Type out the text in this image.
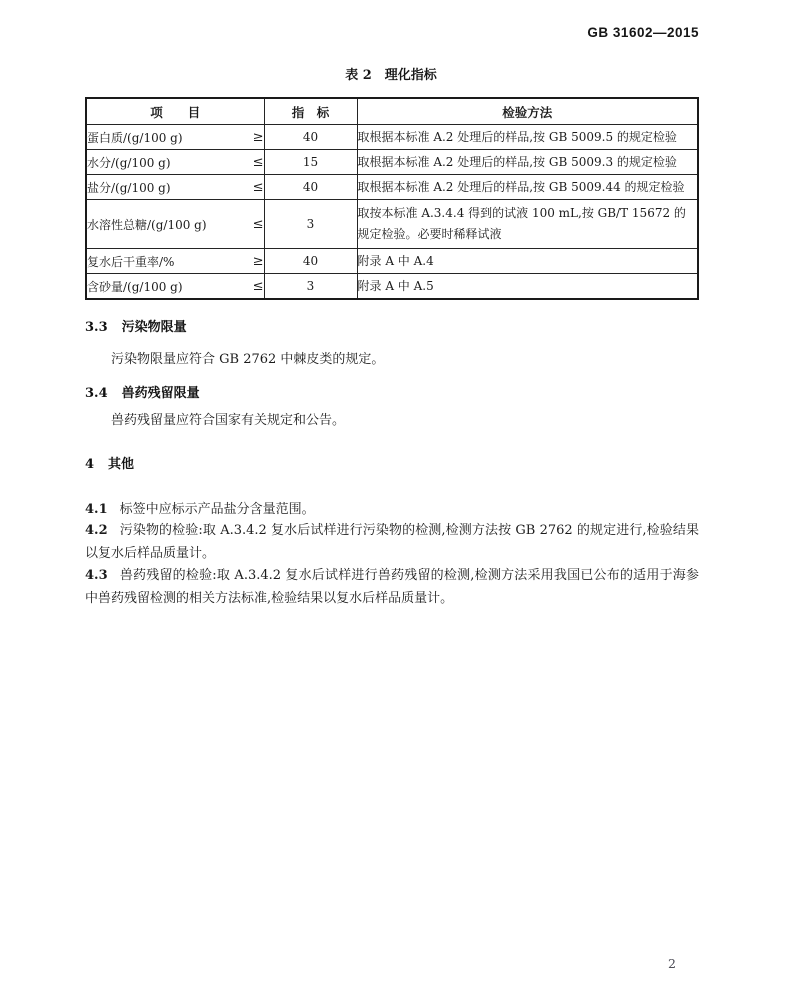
GB 31602—2015
表 2　理化指标
项　　目	指　标	检验方法

蛋白质/(g/100 g) ≥	40	取根据本标准 A.2 处理后的样品,按 GB 5009.5 的规定检验

水分/(g/100 g) ≤	15	取根据本标准 A.2 处理后的样品,按 GB 5009.3 的规定检验

盐分/(g/100 g) ≤	40	取根据本标准 A.2 处理后的样品,按 GB 5009.44 的规定检验

水溶性总糖/(g/100 g) ≤	3	取按本标准 A.3.4.4 得到的试液 100 mL,按 GB/T 15672 的规定检验。必要时稀释试液

复水后干重率/% ≥	40	附录 A 中 A.4

含砂量/(g/100 g) ≤	3	附录 A 中 A.5
3.3 污染物限量
污染物限量应符合 GB 2762 中棘皮类的规定。
3.4 兽药残留限量
兽药残留量应符合国家有关规定和公告。
4 其他
4.1 标签中应标示产品盐分含量范围。
4.2 污染物的检验:取 A.3.4.2 复水后试样进行污染物的检测,检测方法按 GB 2762 的规定进行,检验结果以复水后样品质量计。
4.3 兽药残留的检验:取 A.3.4.2 复水后试样进行兽药残留的检测,检测方法采用我国已公布的适用于海参中兽药残留检测的相关方法标准,检验结果以复水后样品质量计。
2
